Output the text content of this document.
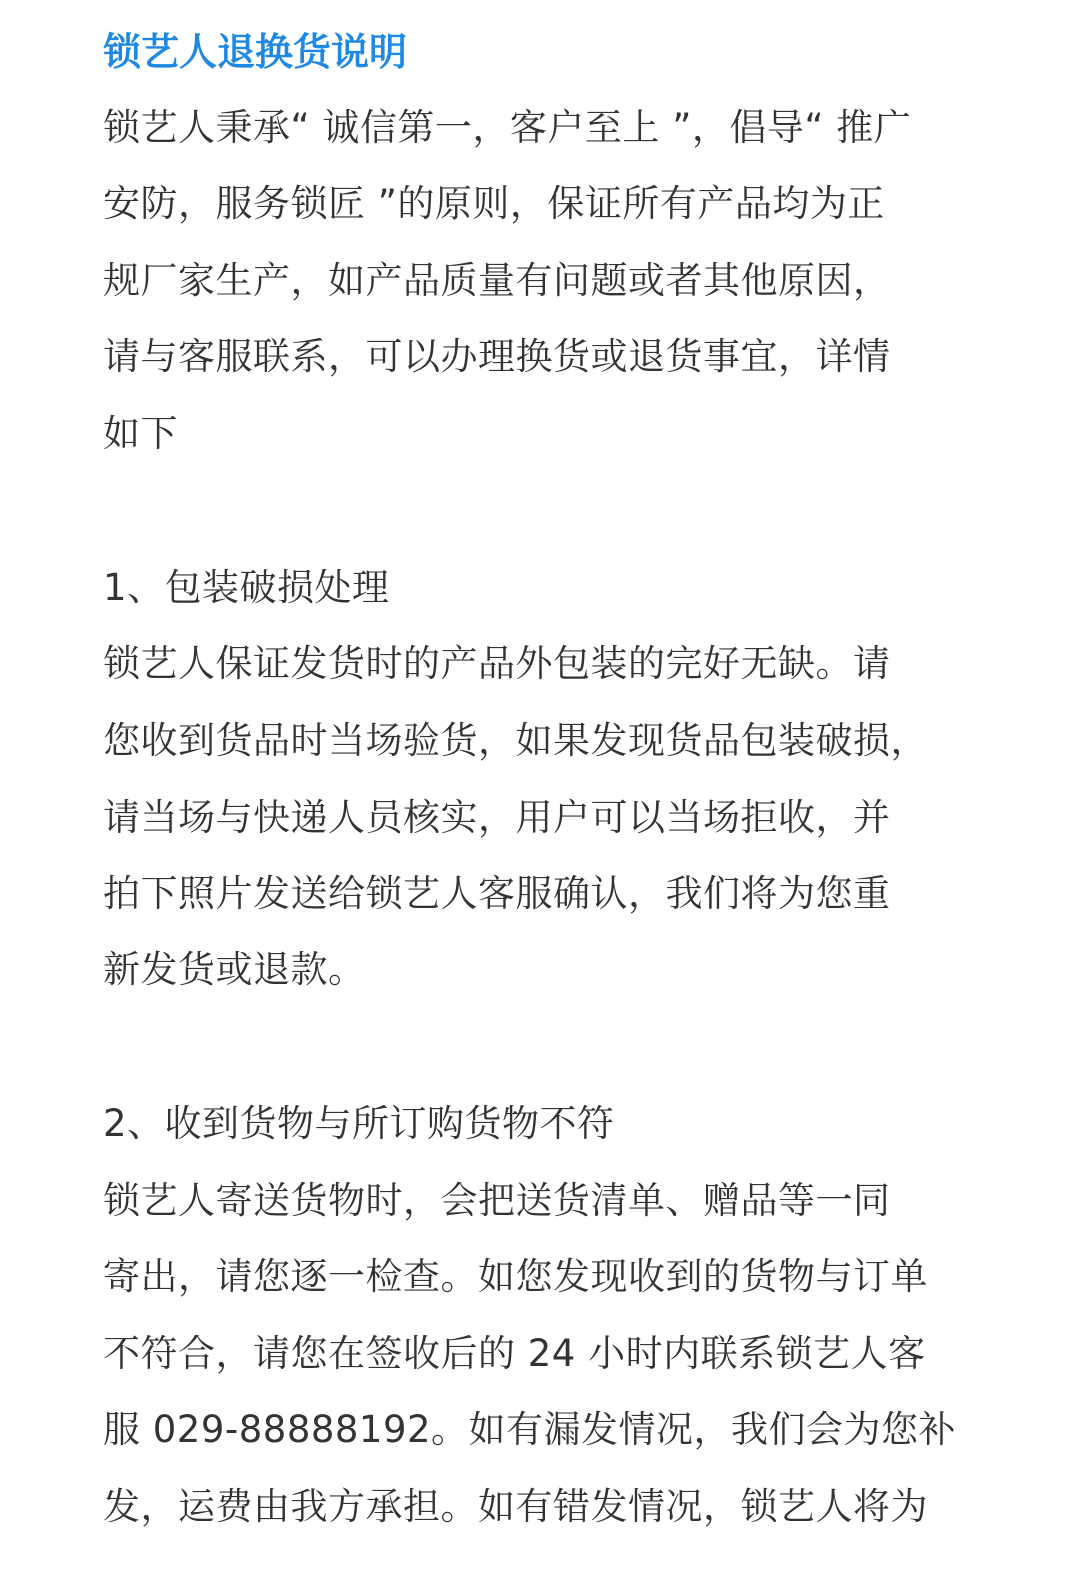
锁艺人退换货说明
锁艺人秉承“ 诚信第一，客户至上 ”，倡导“ 推广
安防，服务锁匠 ”的原则，保证所有产品均为正
规厂家生产，如产品质量有问题或者其他原因，
请与客服联系，可以办理换货或退货事宜，详情
如下
1、包装破损处理
锁艺人保证发货时的产品外包装的完好无缺。请
您收到货品时当场验货，如果发现货品包装破损，
请当场与快递人员核实，用户可以当场拒收，并
拍下照片发送给锁艺人客服确认，我们将为您重
新发货或退款。
2、收到货物与所订购货物不符
锁艺人寄送货物时，会把送货清单、赠品等一同
寄出，请您逐一检查。如您发现收到的货物与订单
不符合，请您在签收后的 24 小时内联系锁艺人客
服 029-88888192。如有漏发情况，我们会为您补
发，运费由我方承担。如有错发情况，锁艺人将为
